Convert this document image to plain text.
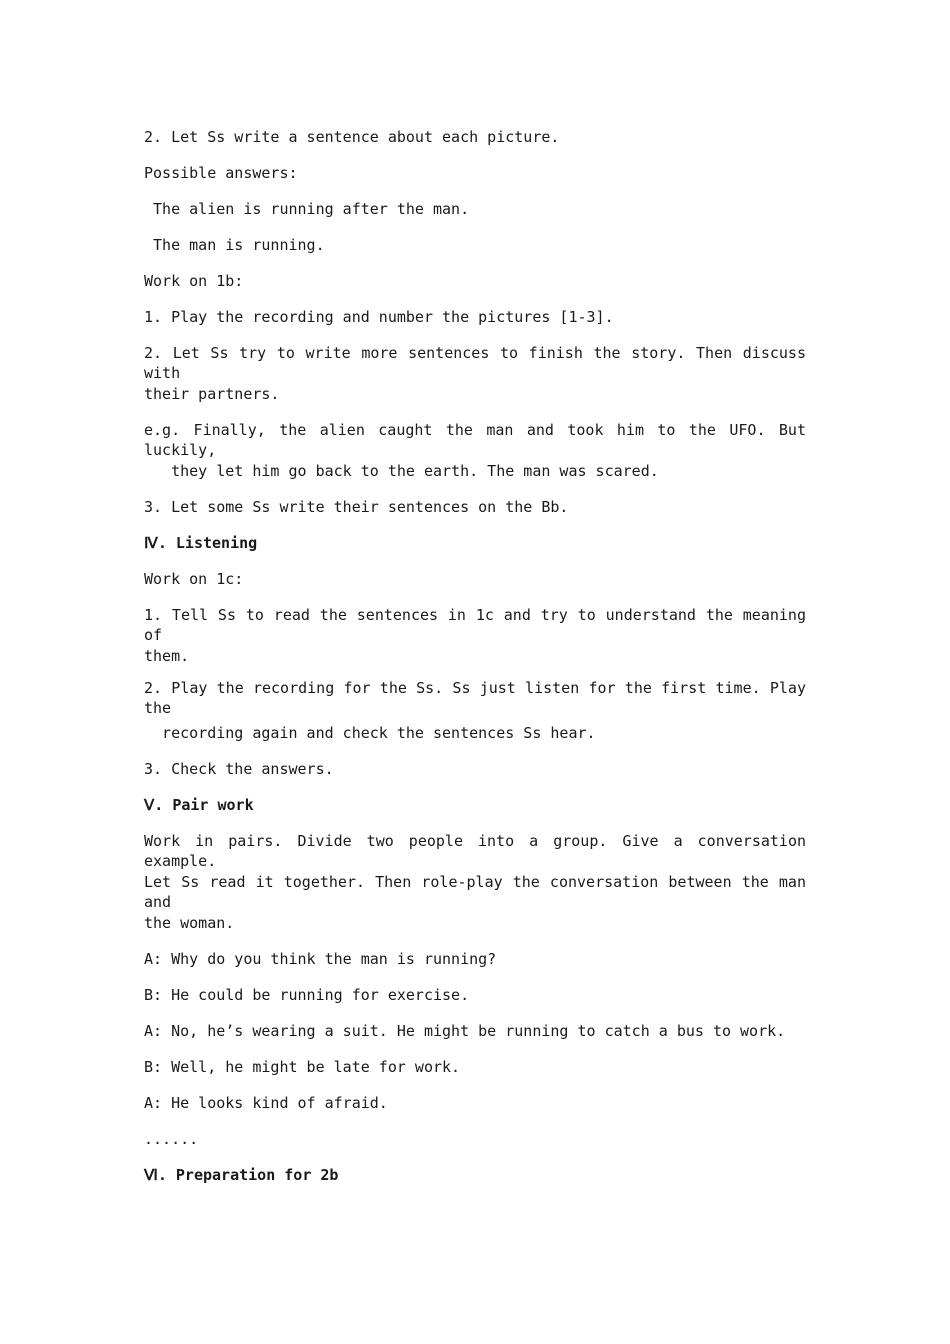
2. Let Ss write a sentence about each picture.
Possible answers:
The alien is running after the man.
The man is running.
Work on 1b:
1. Play the recording and number the pictures [1-3].
2. Let Ss try to write more sentences to finish the story. Then discuss with
their partners.
e.g. Finally, the alien caught the man and took him to the UFO. But luckily,
they let him go back to the earth. The man was scared.
3. Let some Ss write their sentences on the Bb.
Ⅳ. Listening
Work on 1c:
1. Tell Ss to read the sentences in 1c and try to understand the meaning of
them.
2. Play the recording for the Ss. Ss just listen for the first time. Play the
recording again and check the sentences Ss hear.
3. Check the answers.
Ⅴ. Pair work
Work in pairs. Divide two people into a group. Give a conversation example.
Let Ss read it together. Then role-play the conversation between the man and
the woman.
A: Why do you think the man is running?
B: He could be running for exercise.
A: No, he’s wearing a suit. He might be running to catch a bus to work.
B: Well, he might be late for work.
A: He looks kind of afraid.
......
Ⅵ. Preparation for 2b
